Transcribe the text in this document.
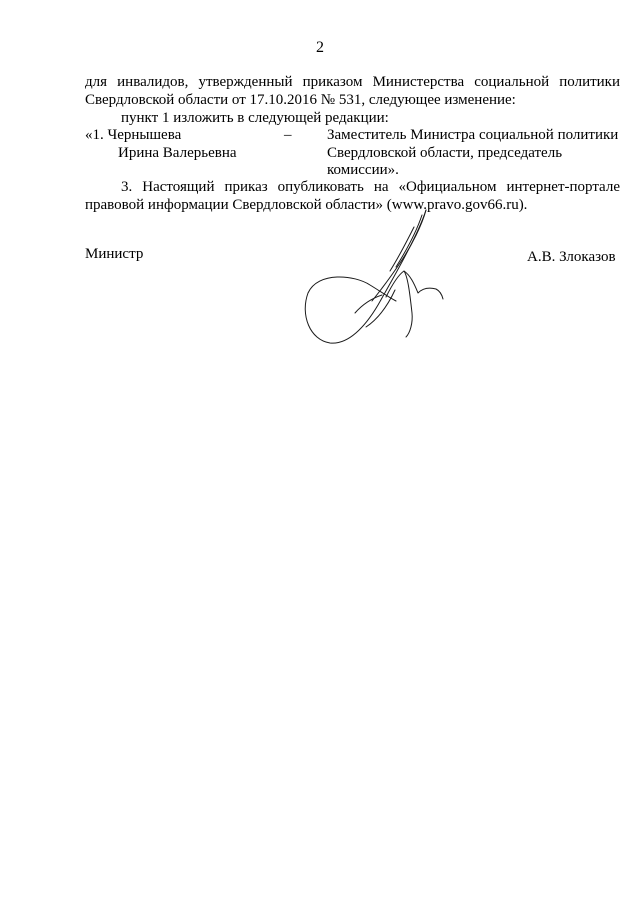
2
для инвалидов, утвержденный приказом Министерства социальной политики
Свердловской области от 17.10.2016 № 531, следующее изменение:
пункт 1 изложить в следующей редакции:
«1. Чернышева	– Заместитель Министра социальной политики
Ирина Валерьевна	Свердловской области, председатель
комиссии».
3. Настоящий приказ опубликовать на «Официальном интернет-портале
правовой информации Свердловской области» (www.pravo.gov66.ru).
Министр	А.В. Злоказов
